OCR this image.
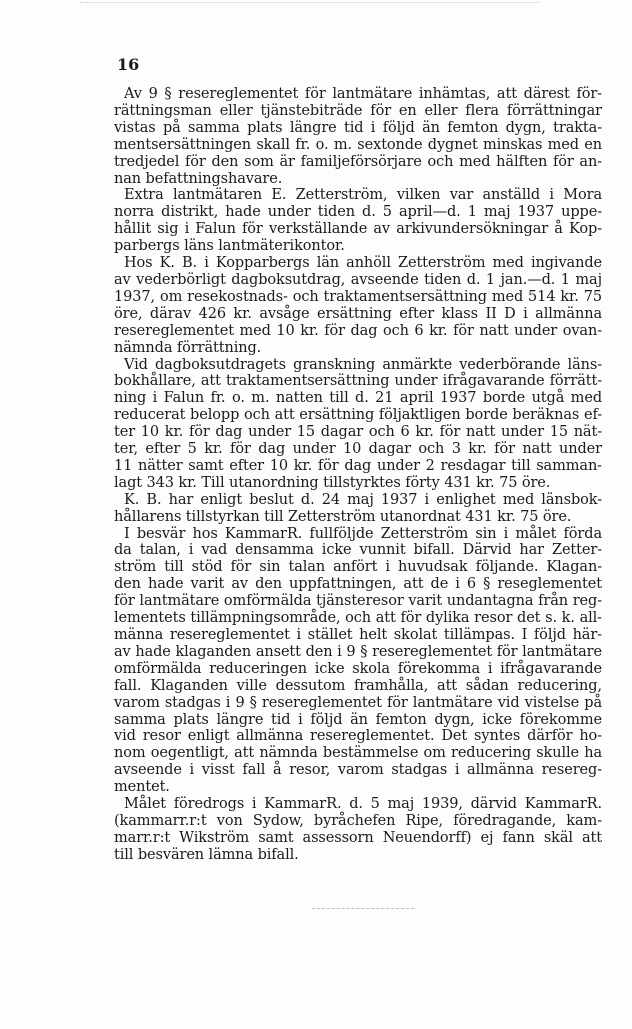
16
Av 9 § resereglementet för lantmätare inhämtas, att därest för-
rättningsman eller tjänstebiträde för en eller flera förrättningar
vistas på samma plats längre tid i följd än femton dygn, trakta-
mentsersättningen skall fr. o. m. sextonde dygnet minskas med en
tredjedel för den som är familjeförsörjare och med hälften för an-
nan befattningshavare.
Extra lantmätaren E. Zetterström, vilken var anställd i Mora
norra distrikt, hade under tiden d. 5 april—d. 1 maj 1937 uppe-
hållit sig i Falun för verkställande av arkivundersökningar å Kop-
parbergs läns lantmäterikontor.
Hos K. B. i Kopparbergs län anhöll Zetterström med ingivande
av vederbörligt dagboksutdrag, avseende tiden d. 1 jan.—d. 1 maj
1937, om resekostnads- och traktamentsersättning med 514 kr. 75
öre, därav 426 kr. avsåge ersättning efter klass II D i allmänna
resereglementet med 10 kr. för dag och 6 kr. för natt under ovan-
nämnda förrättning.
Vid dagboksutdragets granskning anmärkte vederbörande läns-
bokhållare, att traktamentsersättning under ifrågavarande förrätt-
ning i Falun fr. o. m. natten till d. 21 april 1937 borde utgå med
reducerat belopp och att ersättning följaktligen borde beräknas ef-
ter 10 kr. för dag under 15 dagar och 6 kr. för natt under 15 nät-
ter, efter 5 kr. för dag under 10 dagar och 3 kr. för natt under
11 nätter samt efter 10 kr. för dag under 2 resdagar till samman-
lagt 343 kr. Till utanordning tillstyrktes förty 431 kr. 75 öre.
K. B. har enligt beslut d. 24 maj 1937 i enlighet med länsbok-
hållarens tillstyrkan till Zetterström utanordnat 431 kr. 75 öre.
I besvär hos KammarR. fullföljde Zetterström sin i målet förda
da talan, i vad densamma icke vunnit bifall. Därvid har Zetter-
ström till stöd för sin talan anfört i huvudsak följande. Klagan-
den hade varit av den uppfattningen, att de i 6 § reseglementet
för lantmätare omförmälda tjänsteresor varit undantagna från reg-
lementets tillämpningsområde, och att för dylika resor det s. k. all-
männa resereglementet i stället helt skolat tillämpas. I följd här-
av hade klaganden ansett den i 9 § resereglementet för lantmätare
omförmälda reduceringen icke skola förekomma i ifrågavarande
fall. Klaganden ville dessutom framhålla, att sådan reducering,
varom stadgas i 9 § resereglementet för lantmätare vid vistelse på
samma plats längre tid i följd än femton dygn, icke förekomme
vid resor enligt allmänna resereglementet. Det syntes därför ho-
nom oegentligt, att nämnda bestämmelse om reducering skulle ha
avseende i visst fall å resor, varom stadgas i allmänna resereg-
mentet.
Målet föredrogs i KammarR. d. 5 maj 1939, därvid KammarR.
(kammarr.r:t von Sydow, byråchefen Ripe, föredragande, kam-
marr.r:t Wikström samt assessorn Neuendorff) ej fann skäl att
till besvären lämna bifall.
